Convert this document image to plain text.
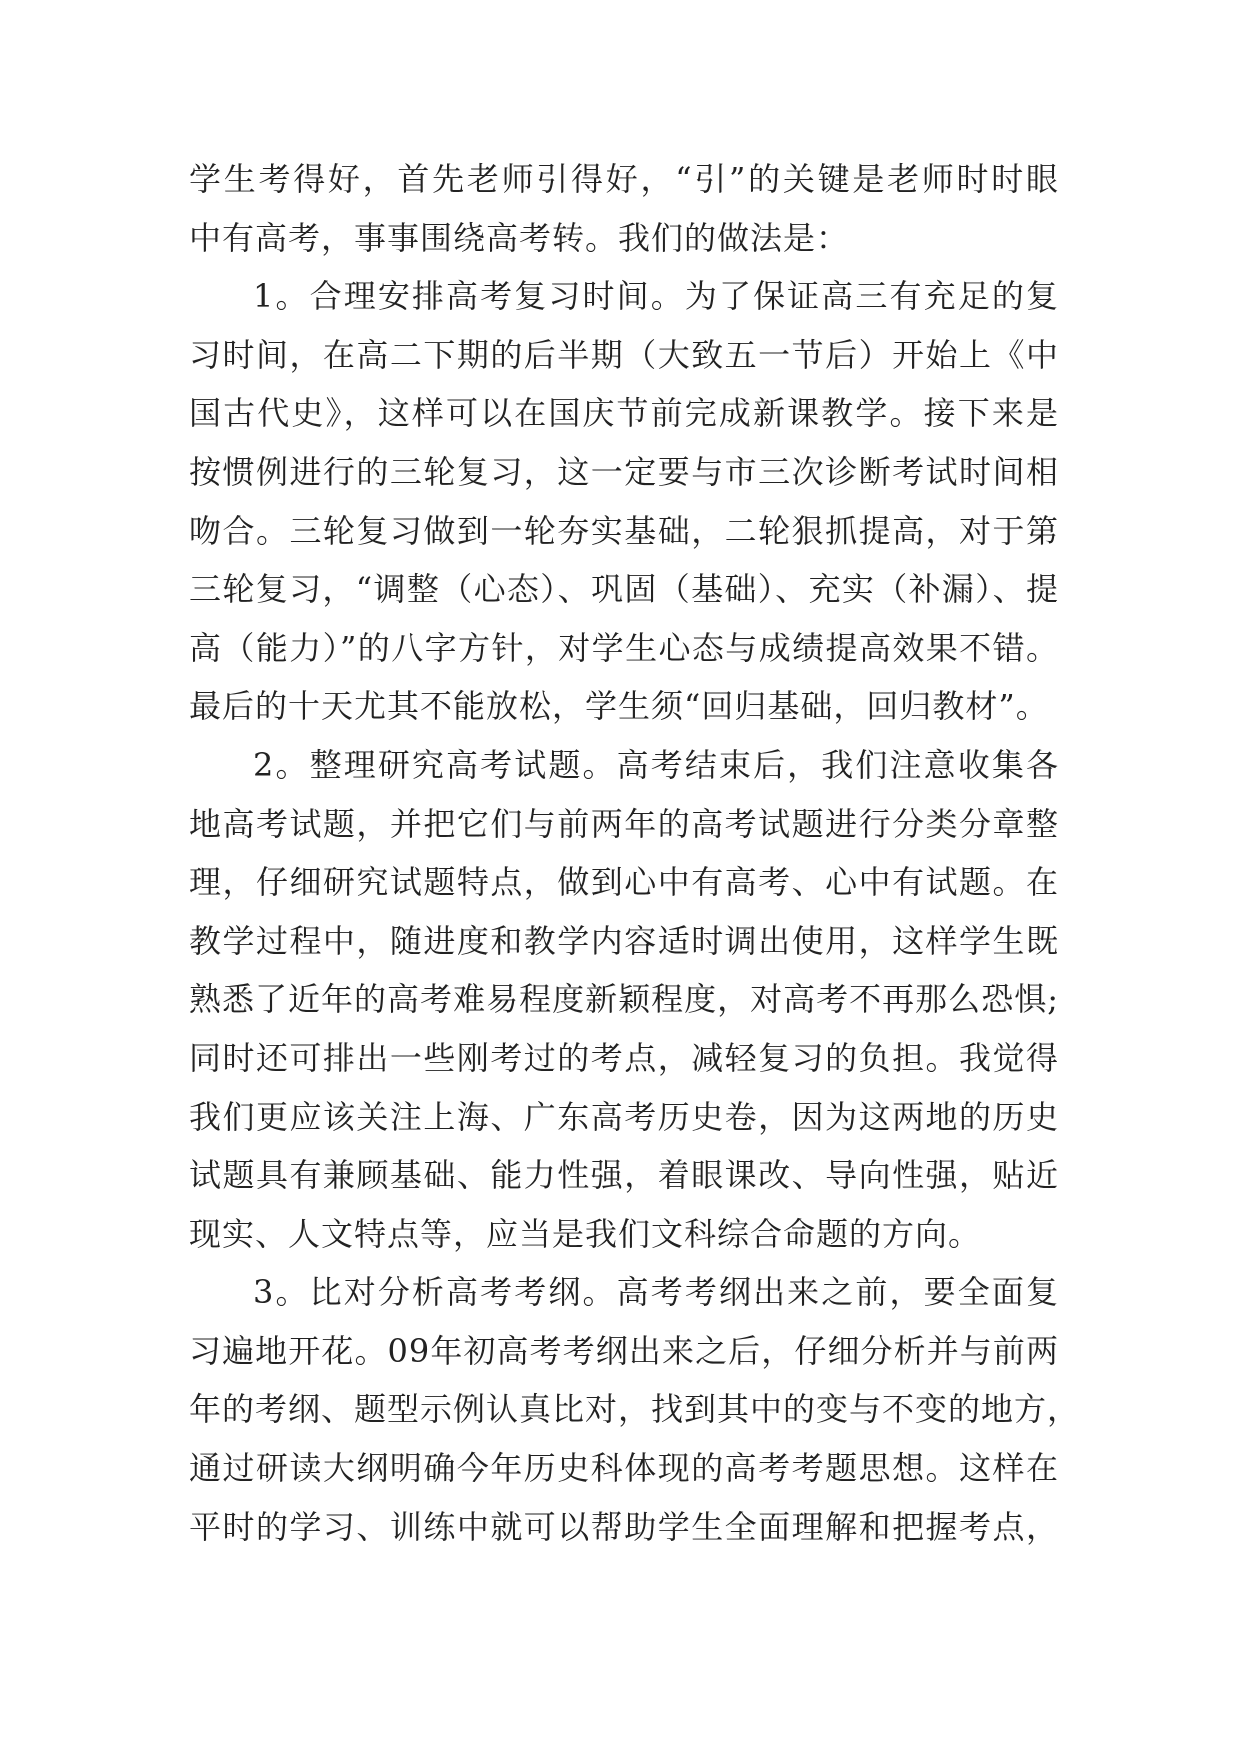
学生考得好，首先老师引得好，“引”的关键是老师时时眼
中有高考，事事围绕高考转。我们的做法是：
1。合理安排高考复习时间。为了保证高三有充足的复
习时间，在高二下期的后半期（大致五一节后）开始上《中
国古代史》，这样可以在国庆节前完成新课教学。接下来是
按惯例进行的三轮复习，这一定要与市三次诊断考试时间相
吻合。三轮复习做到一轮夯实基础，二轮狠抓提高，对于第
三轮复习，“调整（心态）、巩固（基础）、充实（补漏）、提
高（能力）”的八字方针，对学生心态与成绩提高效果不错。
最后的十天尤其不能放松，学生须“回归基础，回归教材”。
2。整理研究高考试题。高考结束后，我们注意收集各
地高考试题，并把它们与前两年的高考试题进行分类分章整
理，仔细研究试题特点，做到心中有高考、心中有试题。在
教学过程中，随进度和教学内容适时调出使用，这样学生既
熟悉了近年的高考难易程度新颖程度，对高考不再那么恐惧;
同时还可排出一些刚考过的考点，减轻复习的负担。我觉得
我们更应该关注上海、广东高考历史卷，因为这两地的历史
试题具有兼顾基础、能力性强，着眼课改、导向性强，贴近
现实、人文特点等，应当是我们文科综合命题的方向。
3。比对分析高考考纲。高考考纲出来之前，要全面复
习遍地开花。09年初高考考纲出来之后，仔细分析并与前两
年的考纲、题型示例认真比对，找到其中的变与不变的地方，
通过研读大纲明确今年历史科体现的高考考题思想。这样在
平时的学习、训练中就可以帮助学生全面理解和把握考点，
